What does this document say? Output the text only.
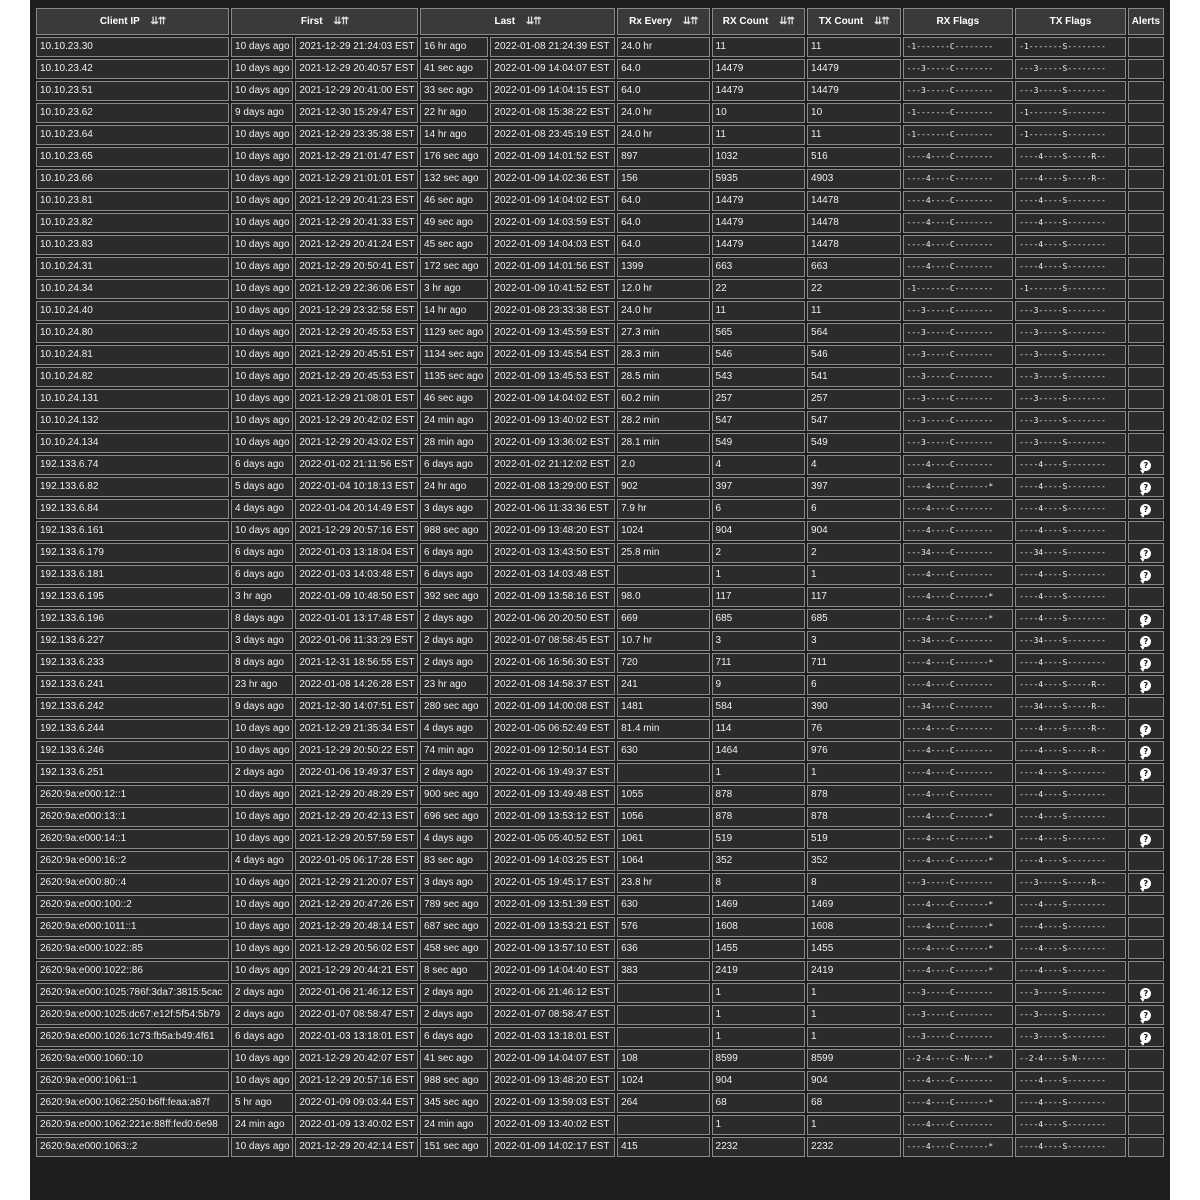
Client IP ⇊⇈	First ⇊⇈		Last ⇊⇈		Rx Every ⇊⇈	RX Count ⇊⇈	TX Count ⇊⇈	RX Flags	TX Flags	Alerts
10.10.23.30	10 days ago	2021-12-29 21:24:03 EST	16 hr ago	2022-01-08 21:24:39 EST	24.0 hr	11	11	-1-------C--------	-1-------S--------	
10.10.23.42	10 days ago	2021-12-29 20:40:57 EST	41 sec ago	2022-01-09 14:04:07 EST	64.0	14479	14479	---3-----C--------	---3-----S--------	
10.10.23.51	10 days ago	2021-12-29 20:41:00 EST	33 sec ago	2022-01-09 14:04:15 EST	64.0	14479	14479	---3-----C--------	---3-----S--------	
10.10.23.62	9 days ago	2021-12-30 15:29:47 EST	22 hr ago	2022-01-08 15:38:22 EST	24.0 hr	10	10	-1-------C--------	-1-------S--------	
10.10.23.64	10 days ago	2021-12-29 23:35:38 EST	14 hr ago	2022-01-08 23:45:19 EST	24.0 hr	11	11	-1-------C--------	-1-------S--------	
10.10.23.65	10 days ago	2021-12-29 21:01:47 EST	176 sec ago	2022-01-09 14:01:52 EST	897	1032	516	----4----C--------	----4----S-----R--	
10.10.23.66	10 days ago	2021-12-29 21:01:01 EST	132 sec ago	2022-01-09 14:02:36 EST	156	5935	4903	----4----C--------	----4----S-----R--	
10.10.23.81	10 days ago	2021-12-29 20:41:23 EST	46 sec ago	2022-01-09 14:04:02 EST	64.0	14479	14478	----4----C--------	----4----S--------	
10.10.23.82	10 days ago	2021-12-29 20:41:33 EST	49 sec ago	2022-01-09 14:03:59 EST	64.0	14479	14478	----4----C--------	----4----S--------	
10.10.23.83	10 days ago	2021-12-29 20:41:24 EST	45 sec ago	2022-01-09 14:04:03 EST	64.0	14479	14478	----4----C--------	----4----S--------	
10.10.24.31	10 days ago	2021-12-29 20:50:41 EST	172 sec ago	2022-01-09 14:01:56 EST	1399	663	663	----4----C--------	----4----S--------	
10.10.24.34	10 days ago	2021-12-29 22:36:06 EST	3 hr ago	2022-01-09 10:41:52 EST	12.0 hr	22	22	-1-------C--------	-1-------S--------	
10.10.24.40	10 days ago	2021-12-29 23:32:58 EST	14 hr ago	2022-01-08 23:33:38 EST	24.0 hr	11	11	---3-----C--------	---3-----S--------	
10.10.24.80	10 days ago	2021-12-29 20:45:53 EST	1129 sec ago	2022-01-09 13:45:59 EST	27.3 min	565	564	---3-----C--------	---3-----S--------	
10.10.24.81	10 days ago	2021-12-29 20:45:51 EST	1134 sec ago	2022-01-09 13:45:54 EST	28.3 min	546	546	---3-----C--------	---3-----S--------	
10.10.24.82	10 days ago	2021-12-29 20:45:53 EST	1135 sec ago	2022-01-09 13:45:53 EST	28.5 min	543	541	---3-----C--------	---3-----S--------	
10.10.24.131	10 days ago	2021-12-29 21:08:01 EST	46 sec ago	2022-01-09 14:04:02 EST	60.2 min	257	257	---3-----C--------	---3-----S--------	
10.10.24.132	10 days ago	2021-12-29 20:42:02 EST	24 min ago	2022-01-09 13:40:02 EST	28.2 min	547	547	---3-----C--------	---3-----S--------	
10.10.24.134	10 days ago	2021-12-29 20:43:02 EST	28 min ago	2022-01-09 13:36:02 EST	28.1 min	549	549	---3-----C--------	---3-----S--------	
192.133.6.74	6 days ago	2022-01-02 21:11:56 EST	6 days ago	2022-01-02 21:12:02 EST	2.0	4	4	----4----C--------	----4----S--------	?
192.133.6.82	5 days ago	2022-01-04 10:18:13 EST	24 hr ago	2022-01-08 13:29:00 EST	902	397	397	----4----C-------*	----4----S--------	?
192.133.6.84	4 days ago	2022-01-04 20:14:49 EST	3 days ago	2022-01-06 11:33:36 EST	7.9 hr	6	6	----4----C--------	----4----S--------	?
192.133.6.161	10 days ago	2021-12-29 20:57:16 EST	988 sec ago	2022-01-09 13:48:20 EST	1024	904	904	----4----C--------	----4----S--------	
192.133.6.179	6 days ago	2022-01-03 13:18:04 EST	6 days ago	2022-01-03 13:43:50 EST	25.8 min	2	2	---34----C--------	---34----S--------	?
192.133.6.181	6 days ago	2022-01-03 14:03:48 EST	6 days ago	2022-01-03 14:03:48 EST		1	1	----4----C--------	----4----S--------	?
192.133.6.195	3 hr ago	2022-01-09 10:48:50 EST	392 sec ago	2022-01-09 13:58:16 EST	98.0	117	117	----4----C-------*	----4----S--------	
192.133.6.196	8 days ago	2022-01-01 13:17:48 EST	2 days ago	2022-01-06 20:20:50 EST	669	685	685	----4----C-------*	----4----S--------	?
192.133.6.227	3 days ago	2022-01-06 11:33:29 EST	2 days ago	2022-01-07 08:58:45 EST	10.7 hr	3	3	---34----C--------	---34----S--------	?
192.133.6.233	8 days ago	2021-12-31 18:56:55 EST	2 days ago	2022-01-06 16:56:30 EST	720	711	711	----4----C-------*	----4----S--------	?
192.133.6.241	23 hr ago	2022-01-08 14:26:28 EST	23 hr ago	2022-01-08 14:58:37 EST	241	9	6	----4----C--------	----4----S-----R--	?
192.133.6.242	9 days ago	2021-12-30 14:07:51 EST	280 sec ago	2022-01-09 14:00:08 EST	1481	584	390	---34----C--------	---34----S-----R--	
192.133.6.244	10 days ago	2021-12-29 21:35:34 EST	4 days ago	2022-01-05 06:52:49 EST	81.4 min	114	76	----4----C--------	----4----S-----R--	?
192.133.6.246	10 days ago	2021-12-29 20:50:22 EST	74 min ago	2022-01-09 12:50:14 EST	630	1464	976	----4----C--------	----4----S-----R--	?
192.133.6.251	2 days ago	2022-01-06 19:49:37 EST	2 days ago	2022-01-06 19:49:37 EST		1	1	----4----C--------	----4----S--------	?
2620:9a:e000:12::1	10 days ago	2021-12-29 20:48:29 EST	900 sec ago	2022-01-09 13:49:48 EST	1055	878	878	----4----C--------	----4----S--------	
2620:9a:e000:13::1	10 days ago	2021-12-29 20:42:13 EST	696 sec ago	2022-01-09 13:53:12 EST	1056	878	878	----4----C-------*	----4----S--------	
2620:9a:e000:14::1	10 days ago	2021-12-29 20:57:59 EST	4 days ago	2022-01-05 05:40:52 EST	1061	519	519	----4----C-------*	----4----S--------	?
2620:9a:e000:16::2	4 days ago	2022-01-05 06:17:28 EST	83 sec ago	2022-01-09 14:03:25 EST	1064	352	352	----4----C-------*	----4----S--------	
2620:9a:e000:80::4	10 days ago	2021-12-29 21:20:07 EST	3 days ago	2022-01-05 19:45:17 EST	23.8 hr	8	8	---3-----C--------	---3-----S-----R--	?
2620:9a:e000:100::2	10 days ago	2021-12-29 20:47:26 EST	789 sec ago	2022-01-09 13:51:39 EST	630	1469	1469	----4----C-------*	----4----S--------	
2620:9a:e000:1011::1	10 days ago	2021-12-29 20:48:14 EST	687 sec ago	2022-01-09 13:53:21 EST	576	1608	1608	----4----C-------*	----4----S--------	
2620:9a:e000:1022::85	10 days ago	2021-12-29 20:56:02 EST	458 sec ago	2022-01-09 13:57:10 EST	636	1455	1455	----4----C-------*	----4----S--------	
2620:9a:e000:1022::86	10 days ago	2021-12-29 20:44:21 EST	8 sec ago	2022-01-09 14:04:40 EST	383	2419	2419	----4----C-------*	----4----S--------	
2620:9a:e000:1025:786f:3da7:3815:5cac	2 days ago	2022-01-06 21:46:12 EST	2 days ago	2022-01-06 21:46:12 EST		1	1	---3-----C--------	---3-----S--------	?
2620:9a:e000:1025:dc67:e12f:5f54:5b79	2 days ago	2022-01-07 08:58:47 EST	2 days ago	2022-01-07 08:58:47 EST		1	1	---3-----C--------	---3-----S--------	?
2620:9a:e000:1026:1c73:fb5a:b49:4f61	6 days ago	2022-01-03 13:18:01 EST	6 days ago	2022-01-03 13:18:01 EST		1	1	---3-----C--------	---3-----S--------	?
2620:9a:e000:1060::10	10 days ago	2021-12-29 20:42:07 EST	41 sec ago	2022-01-09 14:04:07 EST	108	8599	8599	--2-4----C--N----*	--2-4----S-N------	
2620:9a:e000:1061::1	10 days ago	2021-12-29 20:57:16 EST	988 sec ago	2022-01-09 13:48:20 EST	1024	904	904	----4----C--------	----4----S--------	
2620:9a:e000:1062:250:b6ff:feaa:a87f	5 hr ago	2022-01-09 09:03:44 EST	345 sec ago	2022-01-09 13:59:03 EST	264	68	68	----4----C-------*	----4----S--------	
2620:9a:e000:1062:221e:88ff:fed0:6e98	24 min ago	2022-01-09 13:40:02 EST	24 min ago	2022-01-09 13:40:02 EST		1	1	----4----C--------	----4----S--------	
2620:9a:e000:1063::2	10 days ago	2021-12-29 20:42:14 EST	151 sec ago	2022-01-09 14:02:17 EST	415	2232	2232	----4----C-------*	----4----S--------	
